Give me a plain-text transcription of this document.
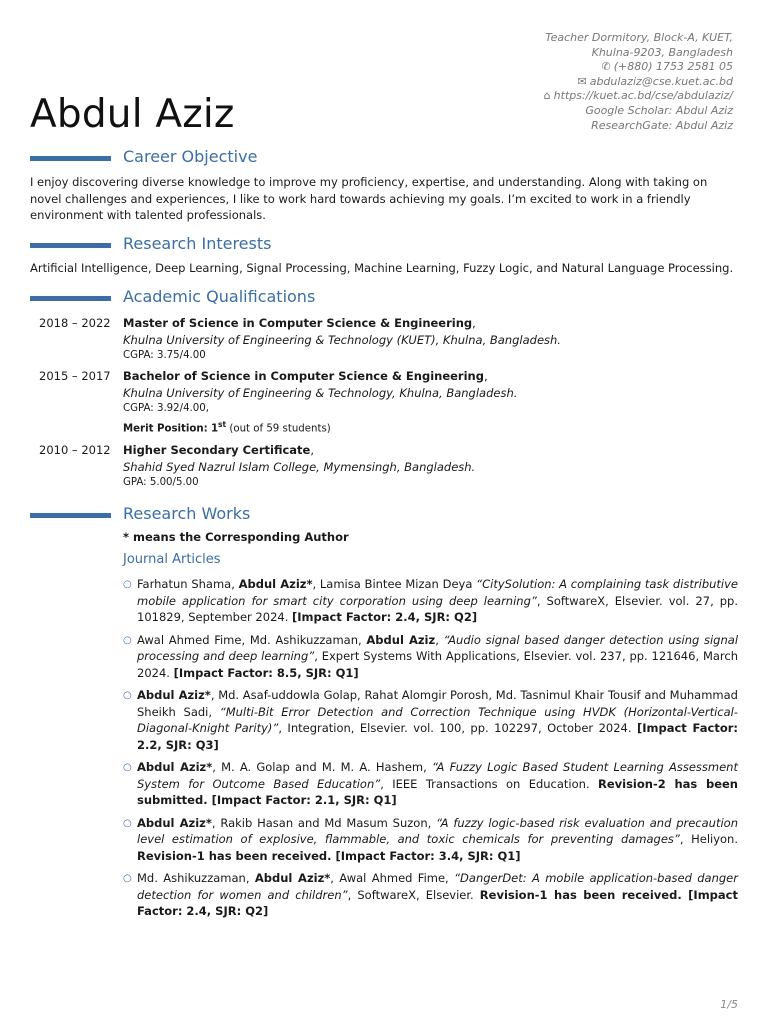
Teacher Dormitory, Block-A, KUET,
Khulna-9203, Bangladesh
✆ (+880) 1753 2581 05
✉ abdulaziz@cse.kuet.ac.bd
⌂ https://kuet.ac.bd/cse/abdulaziz/
Google Scholar: Abdul Aziz
ResearchGate: Abdul Aziz
Abdul Aziz
Career Objective
I enjoy discovering diverse knowledge to improve my proficiency, expertise, and understanding. Along with taking on novel challenges and experiences, I like to work hard towards achieving my goals. I’m excited to work in a friendly environment with talented professionals.
Research Interests
Artificial Intelligence, Deep Learning, Signal Processing, Machine Learning, Fuzzy Logic, and Natural Language Processing.
Academic Qualifications
2018 – 2022 Master of Science in Computer Science & Engineering,
Khulna University of Engineering & Technology (KUET), Khulna, Bangladesh.
CGPA: 3.75/4.00
2015 – 2017 Bachelor of Science in Computer Science & Engineering,
Khulna University of Engineering & Technology, Khulna, Bangladesh.
CGPA: 3.92/4.00,
Merit Position: 1st (out of 59 students)
2010 – 2012 Higher Secondary Certificate,
Shahid Syed Nazrul Islam College, Mymensingh, Bangladesh.
GPA: 5.00/5.00
Research Works
* means the Corresponding Author
Journal Articles
○ Farhatun Shama, Abdul Aziz*, Lamisa Bintee Mizan Deya “CitySolution: A complaining task distributive mobile application for smart city corporation using deep learning”, SoftwareX, Elsevier. vol. 27, pp. 101829, September 2024. [Impact Factor: 2.4, SJR: Q2]
○ Awal Ahmed Fime, Md. Ashikuzzaman, Abdul Aziz, “Audio signal based danger detection using signal processing and deep learning”, Expert Systems With Applications, Elsevier. vol. 237, pp. 121646, March 2024. [Impact Factor: 8.5, SJR: Q1]
○ Abdul Aziz*, Md. Asaf-uddowla Golap, Rahat Alomgir Porosh, Md. Tasnimul Khair Tousif and Muhammad Sheikh Sadi, “Multi-Bit Error Detection and Correction Technique using HVDK (Horizontal-Vertical-Diagonal-Knight Parity)”, Integration, Elsevier. vol. 100, pp. 102297, October 2024. [Impact Factor: 2.2, SJR: Q3]
○ Abdul Aziz*, M. A. Golap and M. M. A. Hashem, “A Fuzzy Logic Based Student Learning Assessment System for Outcome Based Education”, IEEE Transactions on Education. Revision-2 has been submitted. [Impact Factor: 2.1, SJR: Q1]
○ Abdul Aziz*, Rakib Hasan and Md Masum Suzon, “A fuzzy logic-based risk evaluation and precaution level estimation of explosive, flammable, and toxic chemicals for preventing damages”, Heliyon. Revision-1 has been received. [Impact Factor: 3.4, SJR: Q1]
○ Md. Ashikuzzaman, Abdul Aziz*, Awal Ahmed Fime, “DangerDet: A mobile application-based danger detection for women and children”, SoftwareX, Elsevier. Revision-1 has been received. [Impact Factor: 2.4, SJR: Q2]
1/5
